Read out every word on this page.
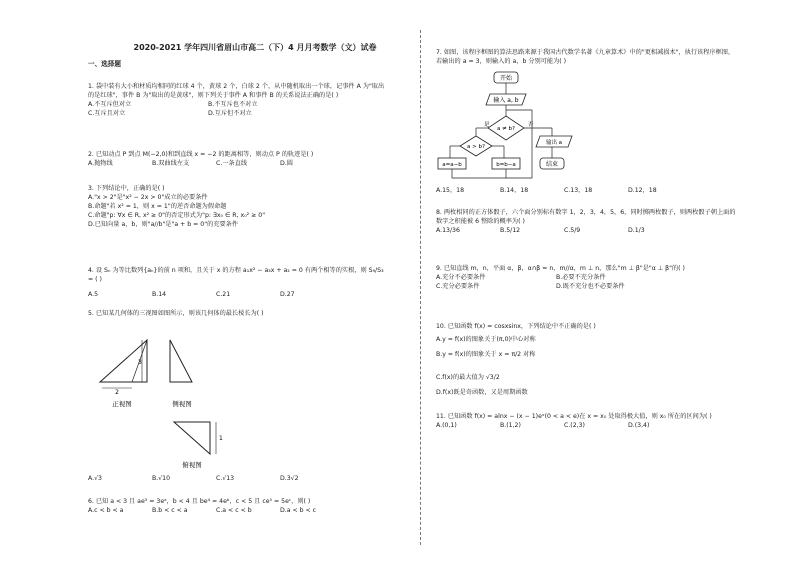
2020-2021 学年四川省眉山市高二（下）4 月月考数学（文）试卷
一、选择题
1. 袋中装有大小和材质均相同的红球 4 个，黄球 2 个，白球 2 个，从中随机取出一个球，记事件 A 为"取出的是红球"，事件 B 为"取出的是黄球"，则下列关于事件 A 和事件 B 的关系说法正确的是( )
A.不互斥但对立	B.不互斥也不对立
C.互斥且对立	D.互斥但不对立
2. 已知动点 P 到点 M(−2,0)和到直线 x = −2 的距离相等，则动点 P 的轨迹是( )
A.抛物线	B.双曲线左支	C.一条直线	D.圆
3. 下列结论中，正确的是( )
A."x > 2"是"x² − 2x > 0"成立的必要条件
B.命题"若 x² = 1，则 x = 1"的逆否命题为假命题
C.命题"p: ∀x ∈ R, x² ≥ 0"的否定形式为"p: ∃x₀ ∈ R, x₀² ≥ 0"
D.已知向量 a，b，则"a//b"是"a + b = 0"的充要条件
4. 设 Sₙ 为等比数列{aₙ}的前 n 项和，且关于 x 的方程 a₁x² − a₃x + a₂ = 0 有两个相等的实根，则 S₉/S₃ = ( )
A.5	B.14	C.21	D.27
5. 已知某几何体的三视图如图所示，则该几何体的最长棱长为( )
2
3
正视图	侧视图
1
俯视图
A.√3	B.√10	C.√13	D.3√2
6. 已知 a < 3 且 ae³ = 3eᵃ，b < 4 且 be⁴ = 4eᵇ，c < 5 且 ce⁵ = 5eᶜ，则( )
A.c < b < a	B.b < c < a	C.a < c < b	D.a < b < c
7. 如图，该程序框图的算法思路来源于我国古代数学名著《九章算术》中的"更相减损术"，执行该程序框图，若输出的 a = 3，则输入的 a，b 分别可能为( )
开始
输入 a, b
a ≠ b?
是	否
输出 a
结束
a > b?
a=a−b	b=b−a
A.15，18	B.14，18	C.13，18	D.12，18
8. 两枚相同的正方体骰子，六个面分别标有数字 1，2，3，4，5，6，同时掷两枚骰子，则两枚骰子朝上面的数字之积能被 6 整除的概率为( )
A.13/36	B.5/12	C.5/9	D.1/3
9. 已知直线 m，n，平面 α，β，α∩β = n，m//α，m ⊥ n，那么"m ⊥ β"是"α ⊥ β"的( )
A.充分不必要条件	B.必要不充分条件
C.充分必要条件	D.既不充分也不必要条件
10. 已知函数 f(x) = cosxsinx，下列结论中不正确的是( )
A.y = f(x)的图象关于(π,0)中心对称
B.y = f(x)的图象关于 x = π/2 对称
C.f(x)的最大值为 √3/2
D.f(x)既是奇函数，又是周期函数
11. 已知函数 f(x) = alnx − (x − 1)eˣ(0 < a < e)在 x = x₀ 处取得极大值，则 x₀ 所在的区间为( )
A.(0,1)	B.(1,2)	C.(2,3)	D.(3,4)
